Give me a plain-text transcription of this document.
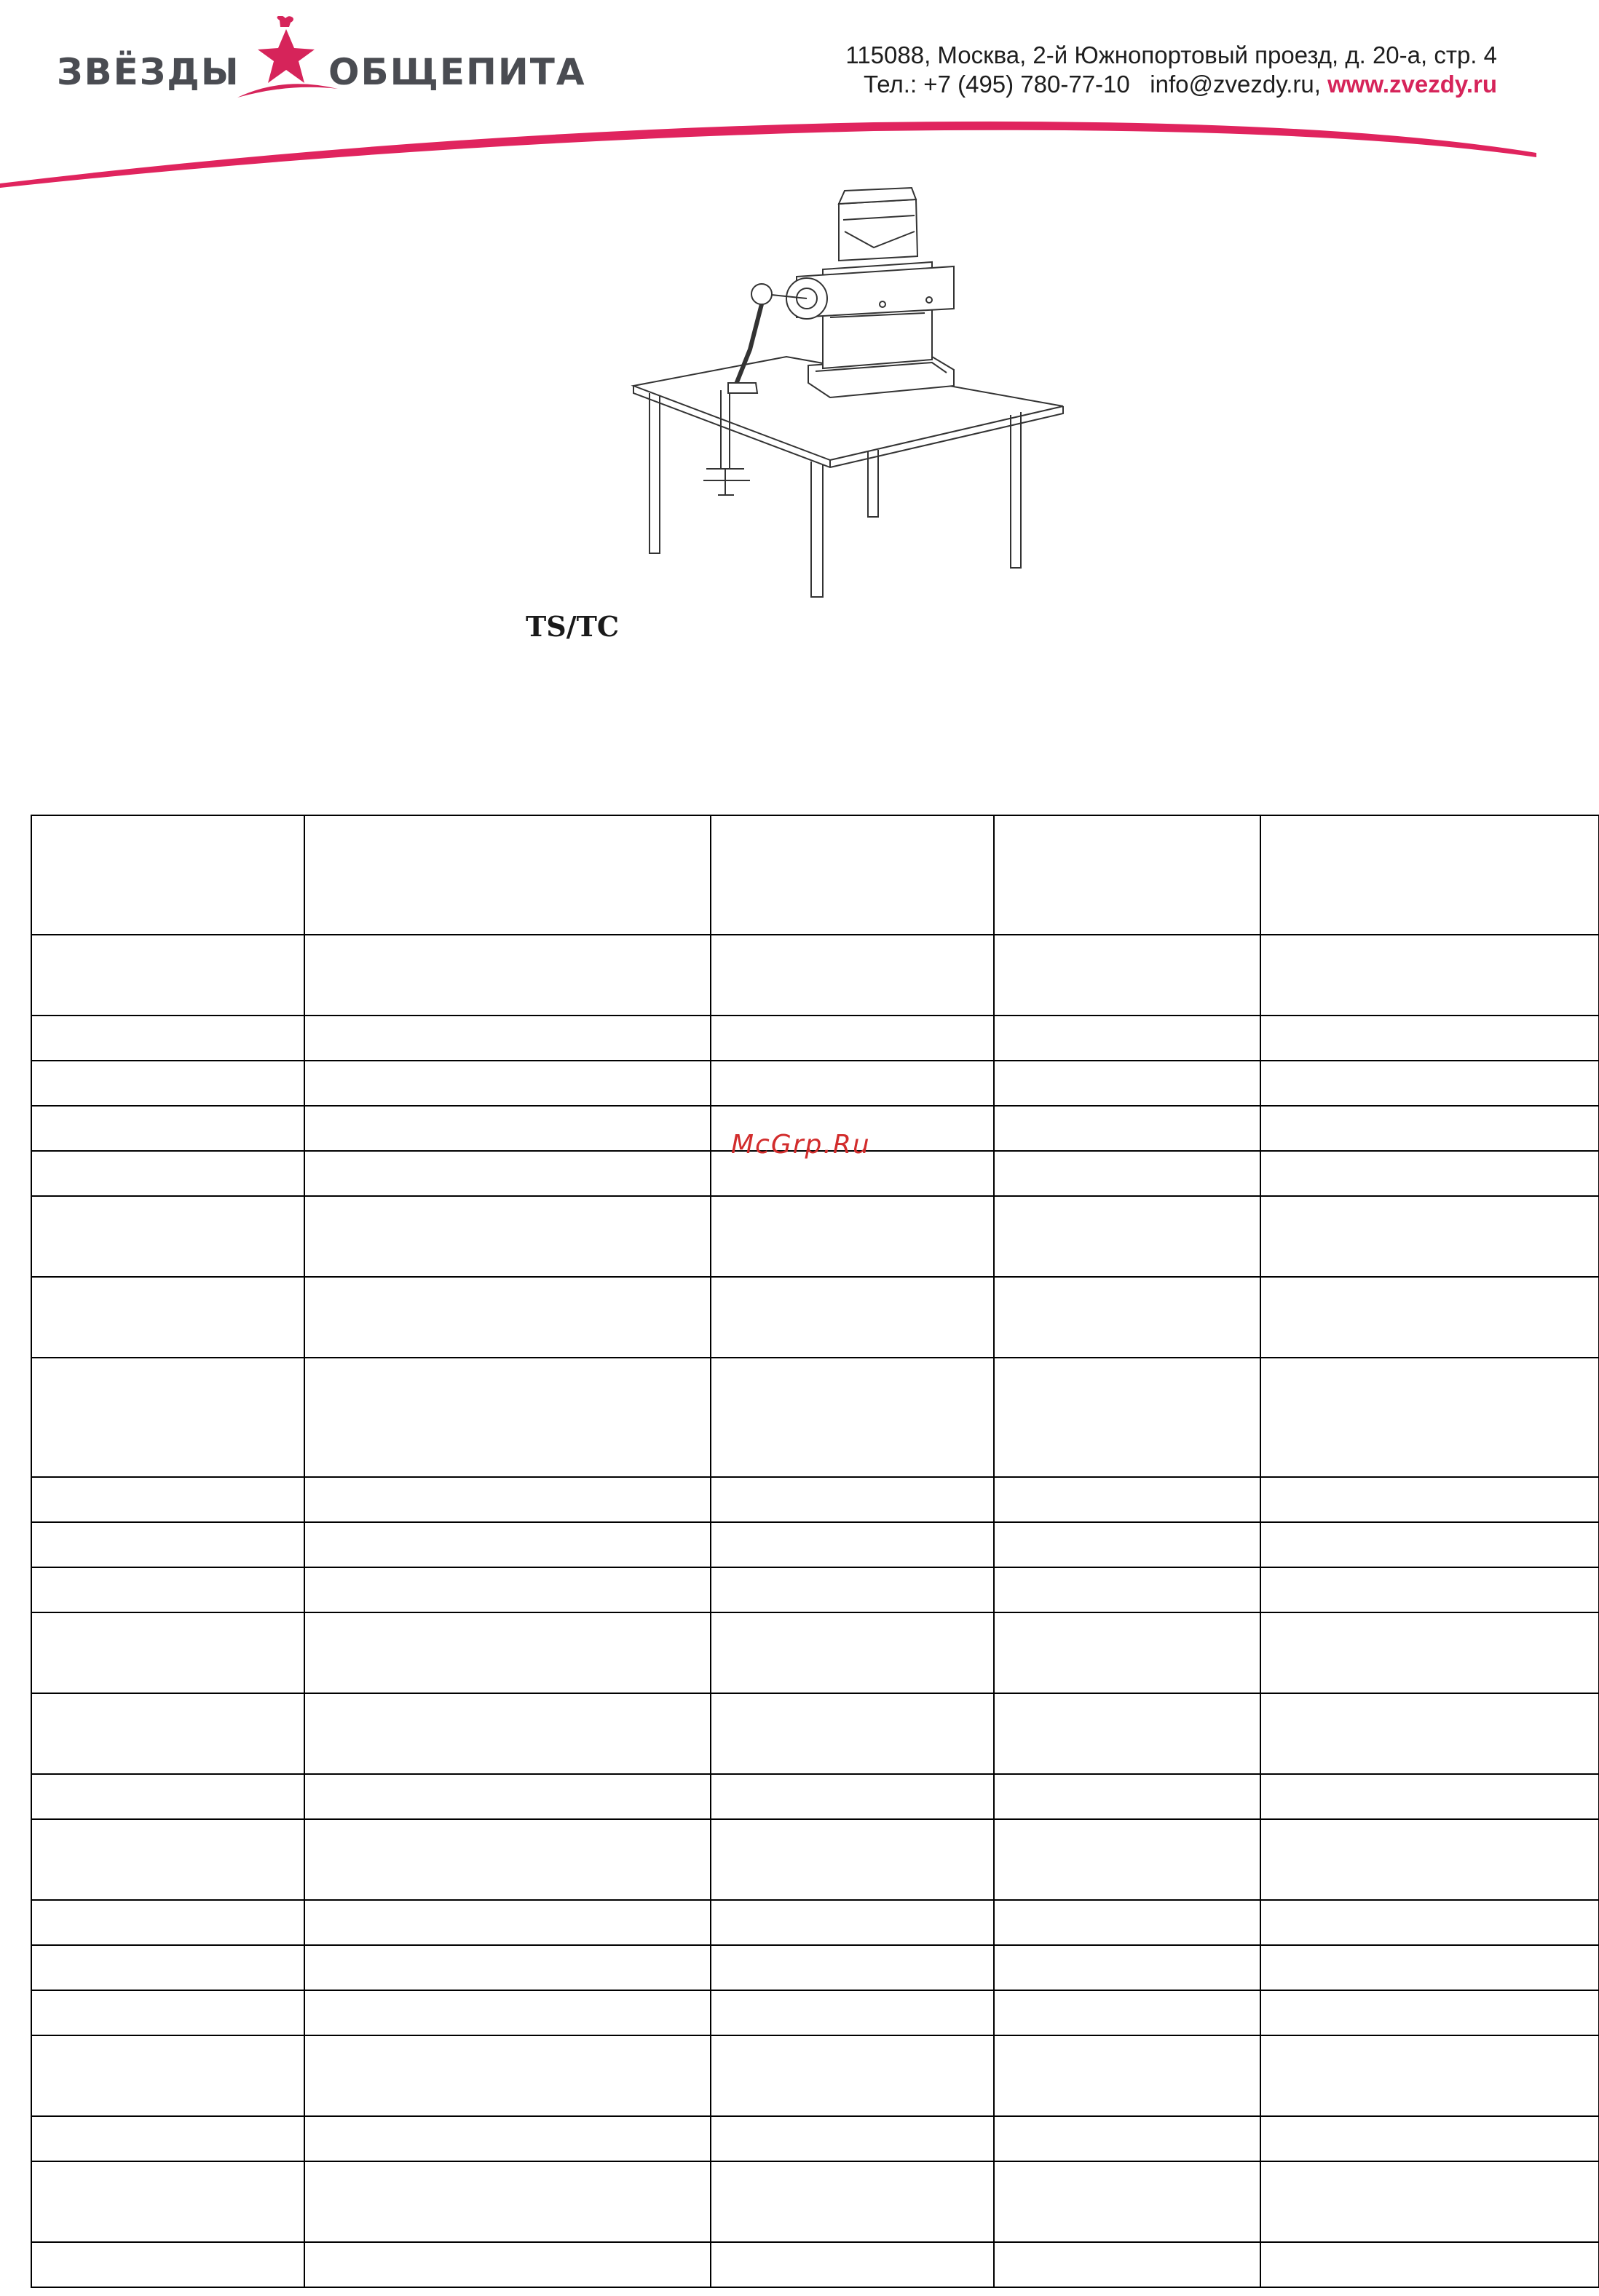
ЗВЁЗДЫ ОБЩЕПИТА	115088, Москва, 2-й Южнопортовый проезд, д. 20-а, стр. 4
Тел.: +7 (495) 780-77-10 info@zvezdy.ru, www.zvezdy.ru
TS/TC

McGrp.Ru
